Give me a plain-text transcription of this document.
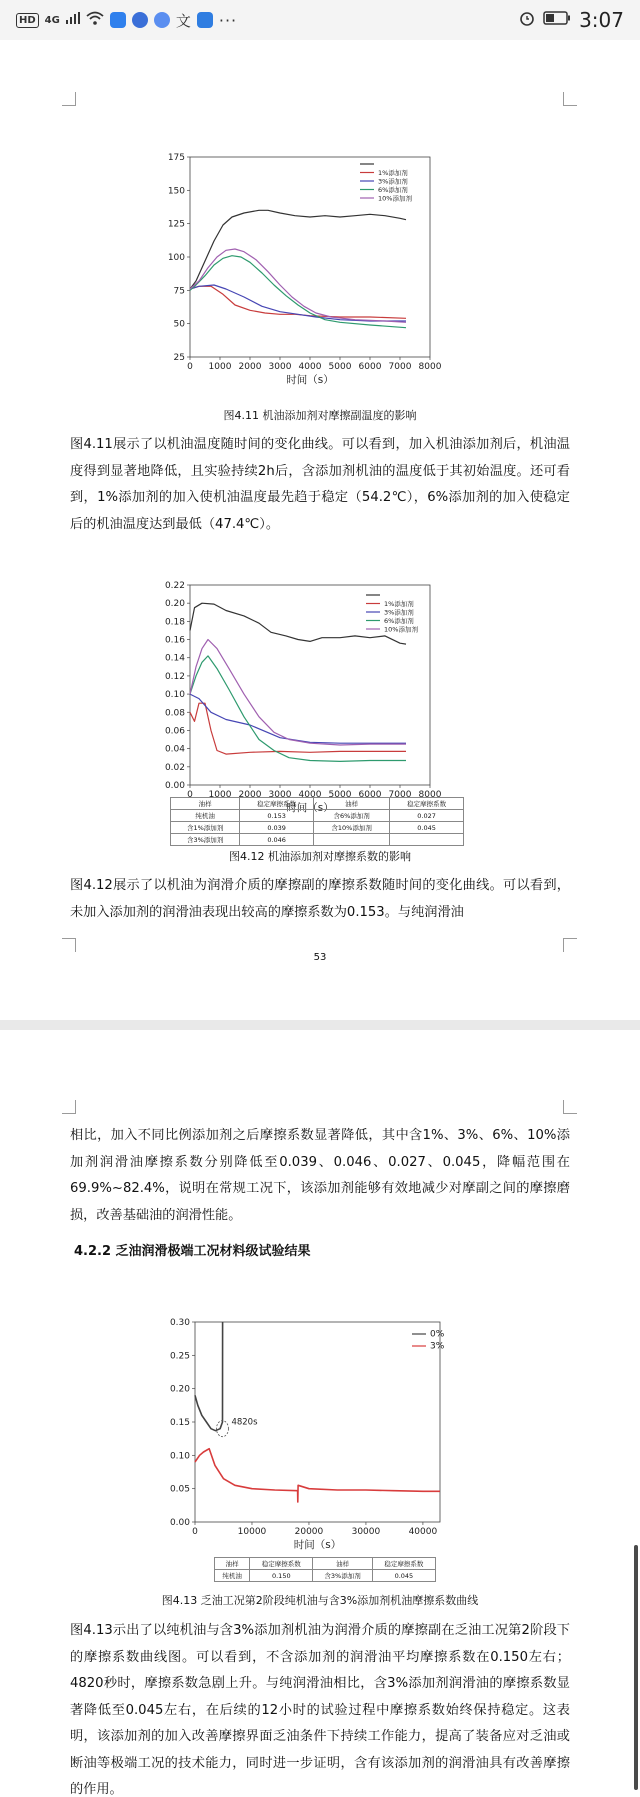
HD 4G	文 ···	3:07
0 1000 2000 3000 4000 5000 6000 7000 8000
25
50
75
100
125
150
175
时间（s）
1%添加剂
3%添加剂
6%添加剂
10%添加剂
图4.11 机油添加剂对摩擦副温度的影响

图4.11展示了以机油温度随时间的变化曲线。可以看到，加入机油添加剂后，机油温度得到显著地降低，且实验持续2h后，含添加剂机油的温度低于其初始温度。还可看到，1%添加剂的加入使机油温度最先趋于稳定（54.2℃），6%添加剂的加入使稳定后的机油温度达到最低（47.4℃）。

0 1000 2000 3000 4000 5000 6000 7000 8000
0.00
0.02
0.04
0.06
0.08
0.10
0.12
0.14
0.16
0.18
0.20
0.22
时间（s）
1%添加剂
3%添加剂
6%添加剂
10%添加剂
油样	稳定摩擦系数	油样	稳定摩擦系数
纯机油	0.153	含6%添加剂	0.027
含1%添加剂	0.039	含10%添加剂	0.045
含3%添加剂	0.046		
图4.12 机油添加剂对摩擦系数的影响

图4.12展示了以机油为润滑介质的摩擦副的摩擦系数随时间的变化曲线。可以看到，未加入添加剂的润滑油表现出较高的摩擦系数为0.153。与纯润滑油

53

相比，加入不同比例添加剂之后摩擦系数显著降低，其中含1%、3%、6%、10%添加剂润滑油摩擦系数分别降低至0.039、0.046、0.027、0.045，降幅范围在69.9%~82.4%，说明在常规工况下，该添加剂能够有效地减少对摩副之间的摩擦磨损，改善基础油的润滑性能。

4.2.2 乏油润滑极端工况材料级试验结果
0	10000	20000	30000	40000
0.00
0.05
0.10
0.15
0.20
0.25
0.30
时间（s）
0%
3%
4820s
油样	稳定摩擦系数	油样	稳定摩擦系数
纯机油	0.150	含3%添加剂	0.045
图4.13 乏油工况第2阶段纯机油与含3%添加剂机油摩擦系数曲线

图4.13示出了以纯机油与含3%添加剂机油为润滑介质的摩擦副在乏油工况第2阶段下的摩擦系数曲线图。可以看到，不含添加剂的润滑油平均摩擦系数在0.150左右；4820秒时，摩擦系数急剧上升。与纯润滑油相比，含3%添加剂润滑油的摩擦系数显著降低至0.045左右，在后续的12小时的试验过程中摩擦系数始终保持稳定。这表明，该添加剂的加入改善摩擦界面乏油条件下持续工作能力，提高了装备应对乏油或断油等极端工况的技术能力，同时进一步证明，含有该添加剂的润滑油具有改善摩擦的作用。
